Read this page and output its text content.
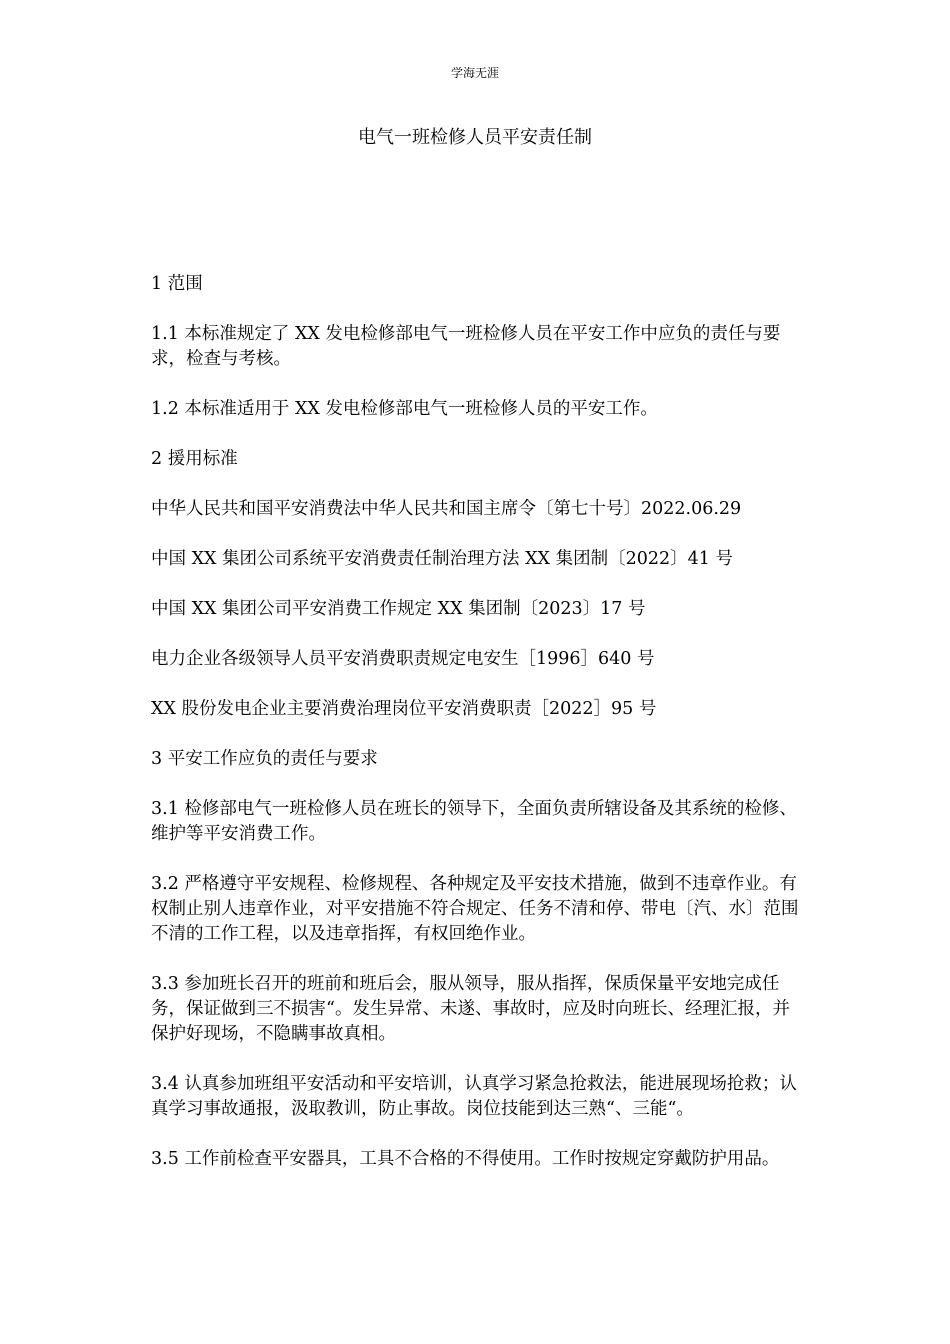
学海无涯
电气一班检修人员平安责任制

1 范围

1.1 本标准规定了 XX 发电检修部电气一班检修人员在平安工作中应负的责任与要求，检查与考核。

1.2 本标准适用于 XX 发电检修部电气一班检修人员的平安工作。

2 援用标准

中华人民共和国平安消费法中华人民共和国主席令〔第七十号〕2022.06.29

中国 XX 集团公司系统平安消费责任制治理方法 XX 集团制〔2022〕41 号

中国 XX 集团公司平安消费工作规定 XX 集团制〔2023〕17 号

电力企业各级领导人员平安消费职责规定电安生［1996］640 号

XX 股份发电企业主要消费治理岗位平安消费职责［2022］95 号

3 平安工作应负的责任与要求

3.1 检修部电气一班检修人员在班长的领导下，全面负责所辖设备及其系统的检修、维护等平安消费工作。

3.2 严格遵守平安规程、检修规程、各种规定及平安技术措施，做到不违章作业。有权制止别人违章作业，对平安措施不符合规定、任务不清和停、带电〔汽、水〕范围不清的工作工程，以及违章指挥，有权回绝作业。

3.3 参加班长召开的班前和班后会，服从领导，服从指挥，保质保量平安地完成任务，保证做到三不损害“。发生异常、未遂、事故时，应及时向班长、经理汇报，并保护好现场，不隐瞒事故真相。

3.4 认真参加班组平安活动和平安培训，认真学习紧急抢救法，能进展现场抢救；认真学习事故通报，汲取教训，防止事故。岗位技能到达三熟“、三能“。

3.5 工作前检查平安器具，工具不合格的不得使用。工作时按规定穿戴防护用品。
